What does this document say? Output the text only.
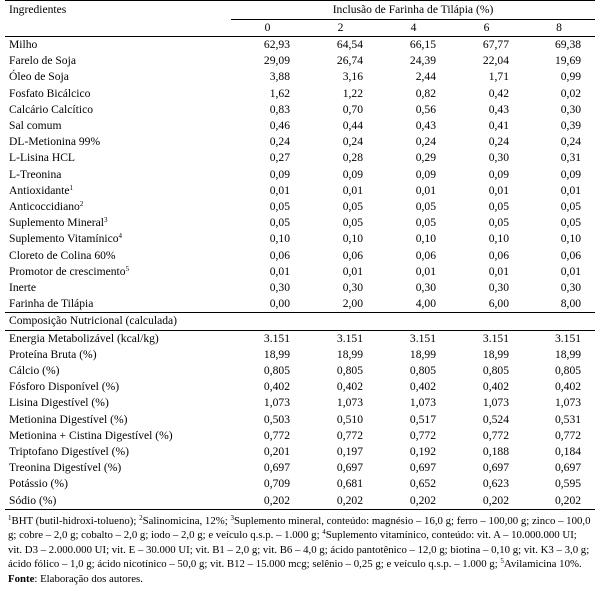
Ingredientes	Inclusão de Farinha de Tilápia (%)				
	0	2	4	6	8
Milho	62,93	64,54	66,15	67,77	69,38
Farelo de Soja	29,09	26,74	24,39	22,04	19,69
Óleo de Soja	3,88	3,16	2,44	1,71	0,99
Fosfato Bicálcico	1,62	1,22	0,82	0,42	0,02
Calcário Calcítico	0,83	0,70	0,56	0,43	0,30
Sal comum	0,46	0,44	0,43	0,41	0,39
DL-Metionina 99%	0,24	0,24	0,24	0,24	0,24
L-Lisina HCL	0,27	0,28	0,29	0,30	0,31
L-Treonina	0,09	0,09	0,09	0,09	0,09
Antioxidante$^1$	0,01	0,01	0,01	0,01	0,01
Anticoccidiano$^2$	0,05	0,05	0,05	0,05	0,05
Suplemento Mineral$^3$	0,05	0,05	0,05	0,05	0,05
Suplemento Vitamínico$^4$	0,10	0,10	0,10	0,10	0,10
Cloreto de Colina 60%	0,06	0,06	0,06	0,06	0,06
Promotor de crescimento$^5$	0,01	0,01	0,01	0,01	0,01
Inerte	0,30	0,30	0,30	0,30	0,30
Farinha de Tilápia	0,00	2,00	4,00	6,00	8,00
Composição Nutricional (calculada)					
Energia Metabolizável (kcal/kg)	3.151	3.151	3.151	3.151	3.151
Proteína Bruta (%)	18,99	18,99	18,99	18,99	18,99
Cálcio (%)	0,805	0,805	0,805	0,805	0,805
Fósforo Disponível (%)	0,402	0,402	0,402	0,402	0,402
Lisina Digestível (%)	1,073	1,073	1,073	1,073	1,073
Metionina Digestível (%)	0,503	0,510	0,517	0,524	0,531
Metionina + Cistina Digestível (%)	0,772	0,772	0,772	0,772	0,772
Triptofano Digestível (%)	0,201	0,197	0,192	0,188	0,184
Treonina Digestível (%)	0,697	0,697	0,697	0,697	0,697
Potássio (%)	0,709	0,681	0,652	0,623	0,595
Sódio (%)	0,202	0,202	0,202	0,202	0,202

$^1$BHT (butil-hidroxi-tolueno); $^2$Salinomicina, 12%; $^3$Suplemento mineral, conteúdo: magnésio – 16,0 g; ferro – 100,00 g; zinco – 100,0 g; cobre – 2,0 g; cobalto – 2,0 g; iodo – 2,0 g; e veículo q.s.p. – 1.000 g; $^4$Suplemento vitamínico, conteúdo: vit. A – 10.000.000 UI; vit. D3 – 2.000.000 UI; vit. E – 30.000 UI; vit. B1 – 2,0 g; vit. B6 – 4,0 g; ácido pantotênico – 12,0 g; biotina – 0,10 g; vit. K3 – 3,0 g; ácido fólico – 1,0 g; ácido nicotínico – 50,0 g; vit. B12 – 15.000 mcg; selênio – 0,25 g; e veículo q.s.p. – 1.000 g; $^5$Avilamicina 10%.

Fonte: Elaboração dos autores.
